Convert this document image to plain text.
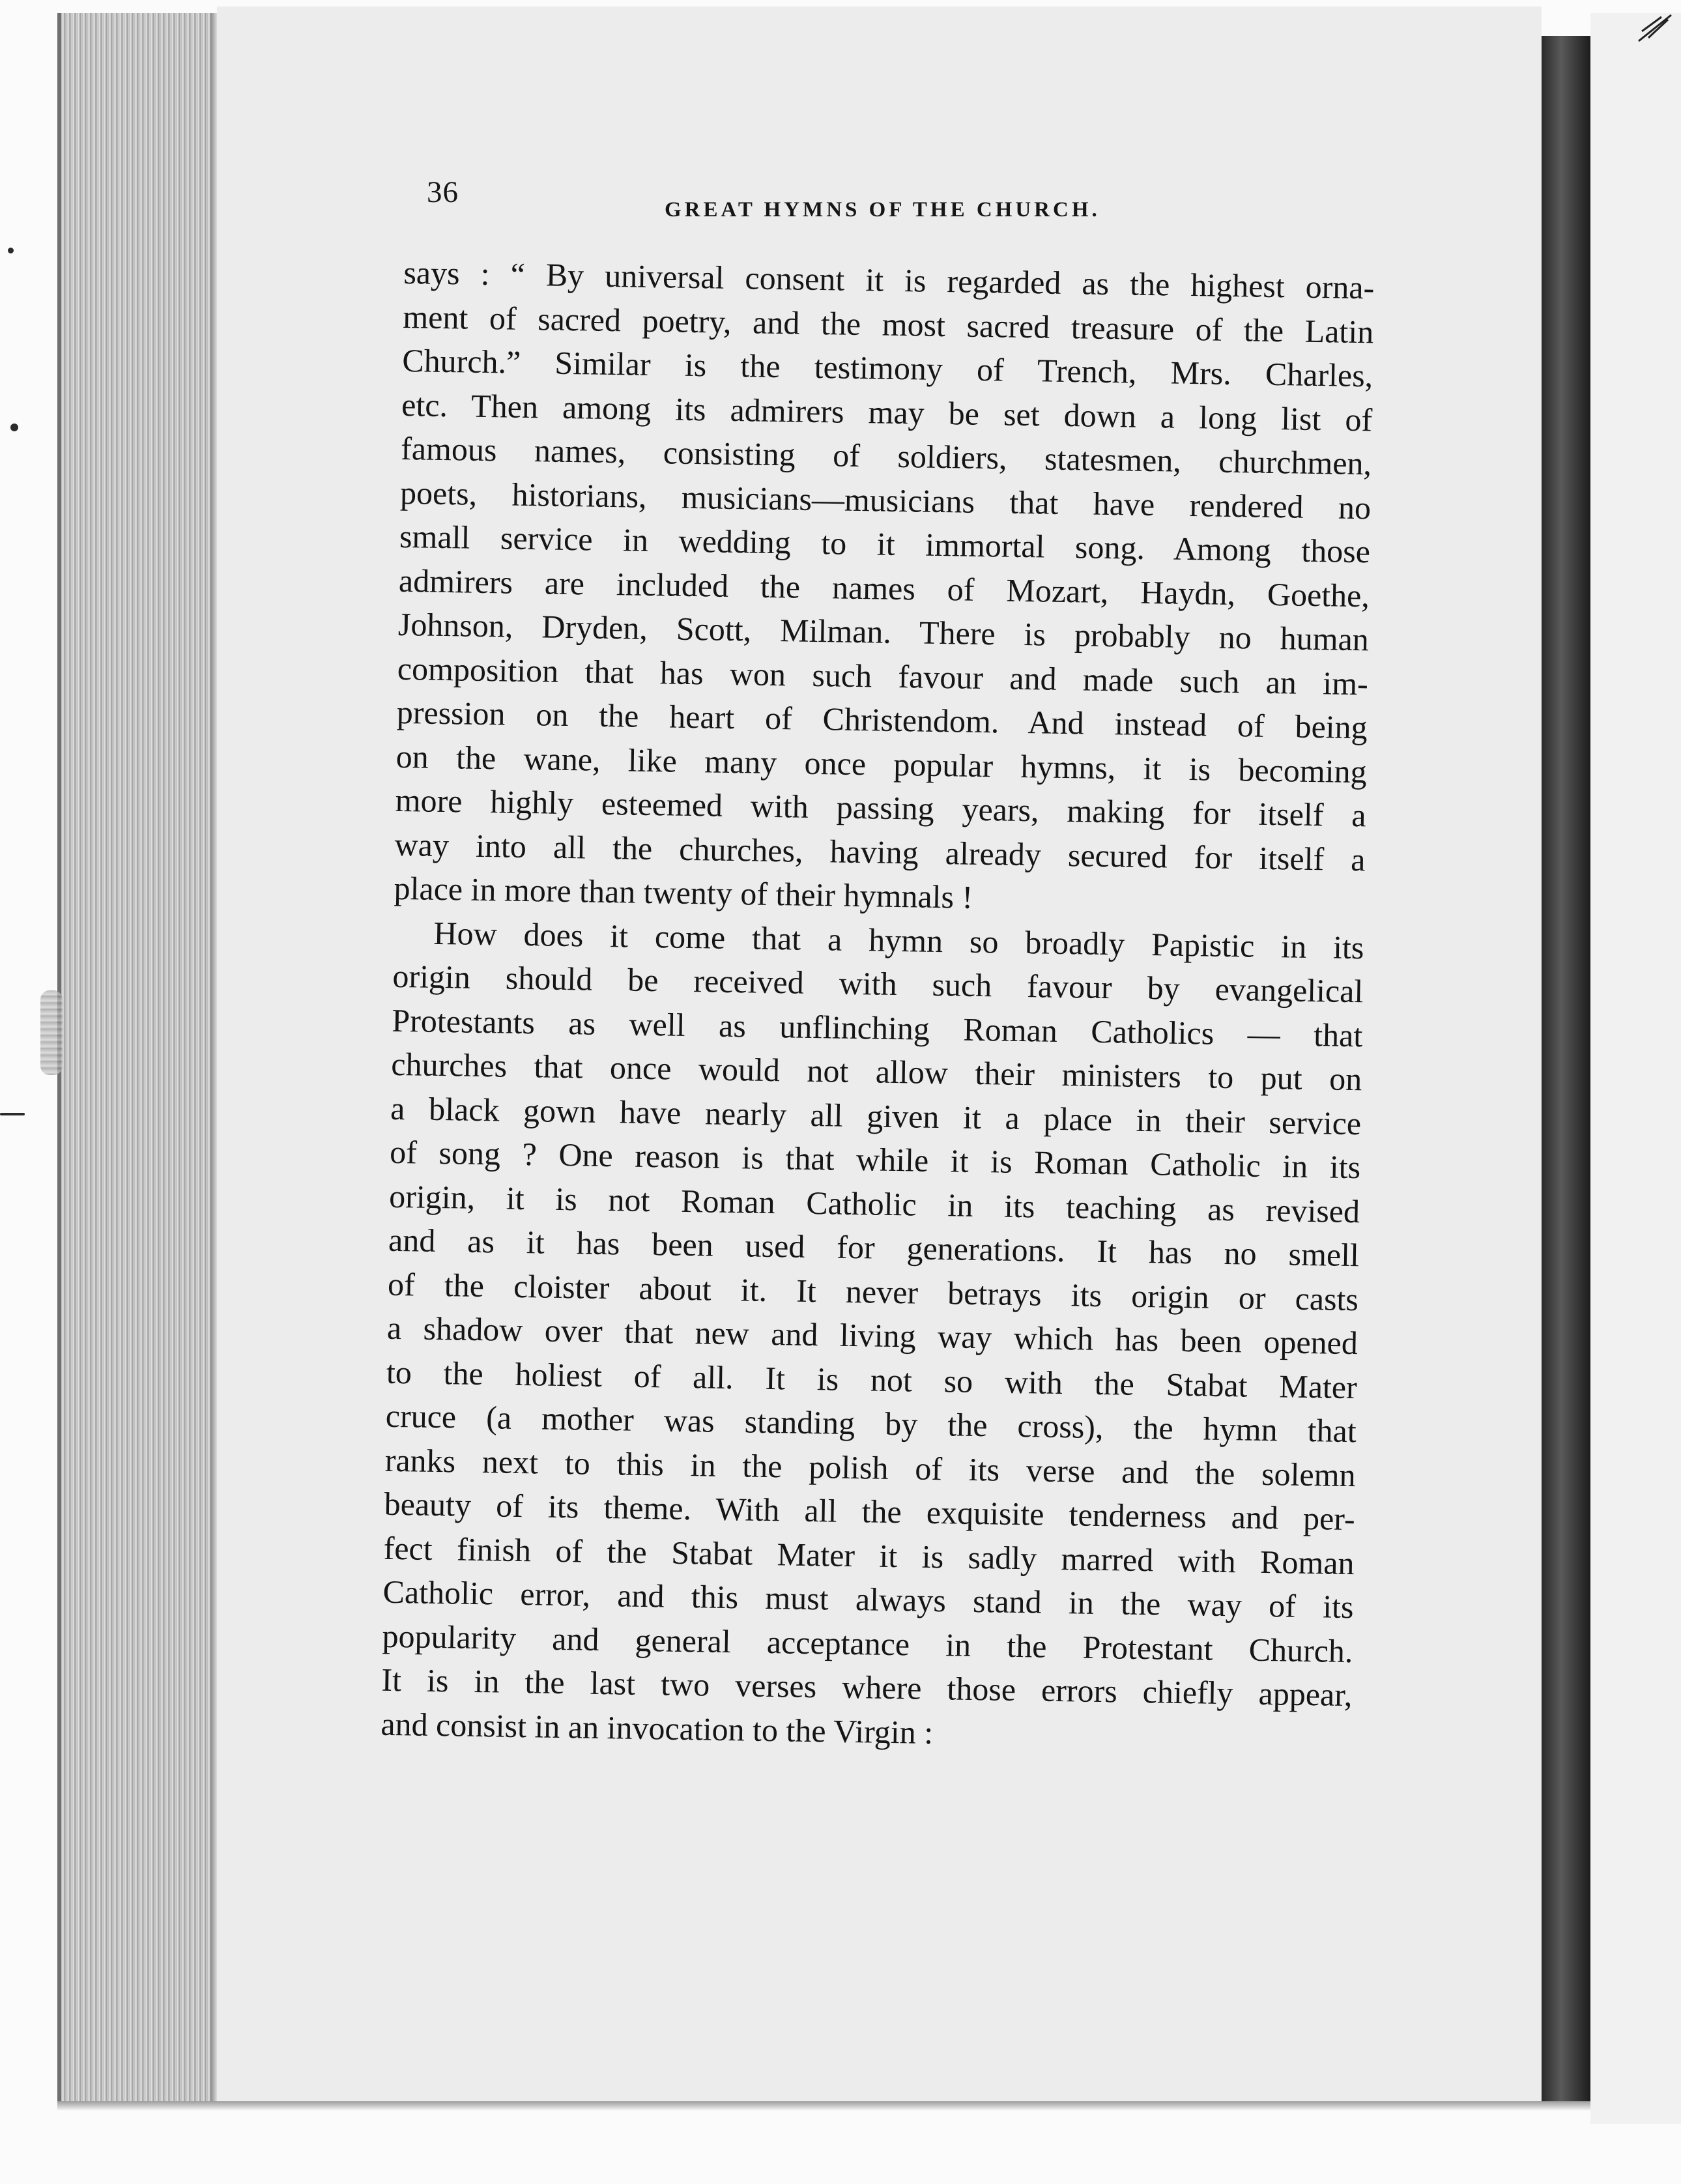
36
GREAT HYMNS OF THE CHURCH.
says : “ By universal consent it is regarded as the highest orna-
ment of sacred poetry, and the most sacred treasure of the Latin
Church.” Similar is the testimony of Trench, Mrs. Charles,
etc. Then among its admirers may be set down a long list of
famous names, consisting of soldiers, statesmen, churchmen,
poets, historians, musicians—musicians that have rendered no
small service in wedding to it immortal song. Among those
admirers are included the names of Mozart, Haydn, Goethe,
Johnson, Dryden, Scott, Milman. There is probably no human
composition that has won such favour and made such an im-
pression on the heart of Christendom. And instead of being
on the wane, like many once popular hymns, it is becoming
more highly esteemed with passing years, making for itself a
way into all the churches, having already secured for itself a
place in more than twenty of their hymnals !
How does it come that a hymn so broadly Papistic in its
origin should be received with such favour by evangelical
Protestants as well as unflinching Roman Catholics — that
churches that once would not allow their ministers to put on
a black gown have nearly all given it a place in their service
of song ? One reason is that while it is Roman Catholic in its
origin, it is not Roman Catholic in its teaching as revised
and as it has been used for generations. It has no smell
of the cloister about it. It never betrays its origin or casts
a shadow over that new and living way which has been opened
to the holiest of all. It is not so with the Stabat Mater
cruce (a mother was standing by the cross), the hymn that
ranks next to this in the polish of its verse and the solemn
beauty of its theme. With all the exquisite tenderness and per-
fect finish of the Stabat Mater it is sadly marred with Roman
Catholic error, and this must always stand in the way of its
popularity and general acceptance in the Protestant Church.
It is in the last two verses where those errors chiefly appear,
and consist in an invocation to the Virgin :
